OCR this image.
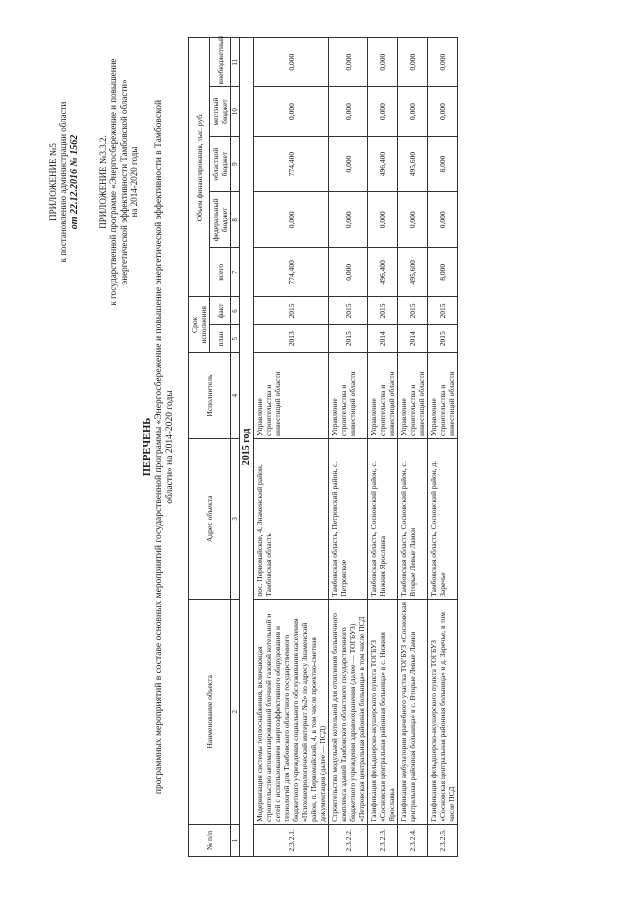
ПРИЛОЖЕНИЕ №5 к постановлению администрации области от 22.12.2016 № 1562 ПРИЛОЖЕНИЕ №3.3.2. к государственной программе «Энергосбережение и повышение энергетической эффективности Тамбовской области» на 2014-2020 годы
ПЕРЕЧЕНЬ программных мероприятий в составе основных мероприятий государственной программы «Энергосбережение и повышение энергетической эффективности в Тамбовской области» на 2014-2020 годы
№ п/п	Наименование объекта	Адрес объекта	Исполнитель	Срок исполнения		Объем финансирования, тыс. руб.				
				план	факт	всего	федеральный бюджет	областной бюджет	местный бюджет	внебюджетный
1	2	3	4	5	6	7	8	9	10	11
2015 год										
2.3.2.1.	Модернизация системы теплоснабжения, включающая строительство автоматизированной блочной газовой котельной и сетей с использованием энергоэффективного оборудования и технологий для Тамбовского областного государственного бюджетного учреждения социального обслуживания населения «Психоневрологический интернат №2» по адресу Знаменский район, п. Первомайский, 4, в том числе проектно-сметная документация (далее — ПСД)	пос. Первомайское, 4, Знаменский район, Тамбовская область	Управление строительства и инвестиций области	2013	2015	774,400	0,000	774,400	0,000	0,000
2.3.2.2.	Строительство модульной котельной для отопления больничного комплекса зданий Тамбовского областного государственного бюджетного учреждения здравоохранения (далее — ТОГБУЗ) «Петровская центральная районная больница» в том числе ПСД	Тамбовская область, Петровский район, с. Петровское	Управление строительства и инвестиций области	2015	2015	0,000	0,000	0,000	0,000	0,000
2.3.2.3.	Газификация фельдшерско-акушерского пункта ТОГБУЗ «Сосновская центральная районная больница» в с. Нижняя Ярославка	Тамбовская область, Сосновский район, с. Нижняя Ярославка	Управление строительства и инвестиций области	2014	2015	496,400	0,000	496,400	0,000	0,000
2.3.2.4.	Газификация амбулатории врачебного участка ТОГБУЗ «Сосновская центральная районная больница» в с. Вторые Левые Ламки	Тамбовская область, Сосновский район, с. Вторые Левые Ламки	Управление строительства и инвестиций области	2014	2015	495,600	0,000	495,600	0,000	0,000
2.3.2.5.	Газификация фельдшерско-акушерского пункта ТОГБУЗ «Сосновская центральная районная больница» в д. Заречье, в том числе ПСД	Тамбовская область, Сосновский район, д. Заречье	Управление строительства и инвестиций области	2015	2015	8,000	0,000	8,000	0,000	0,000
